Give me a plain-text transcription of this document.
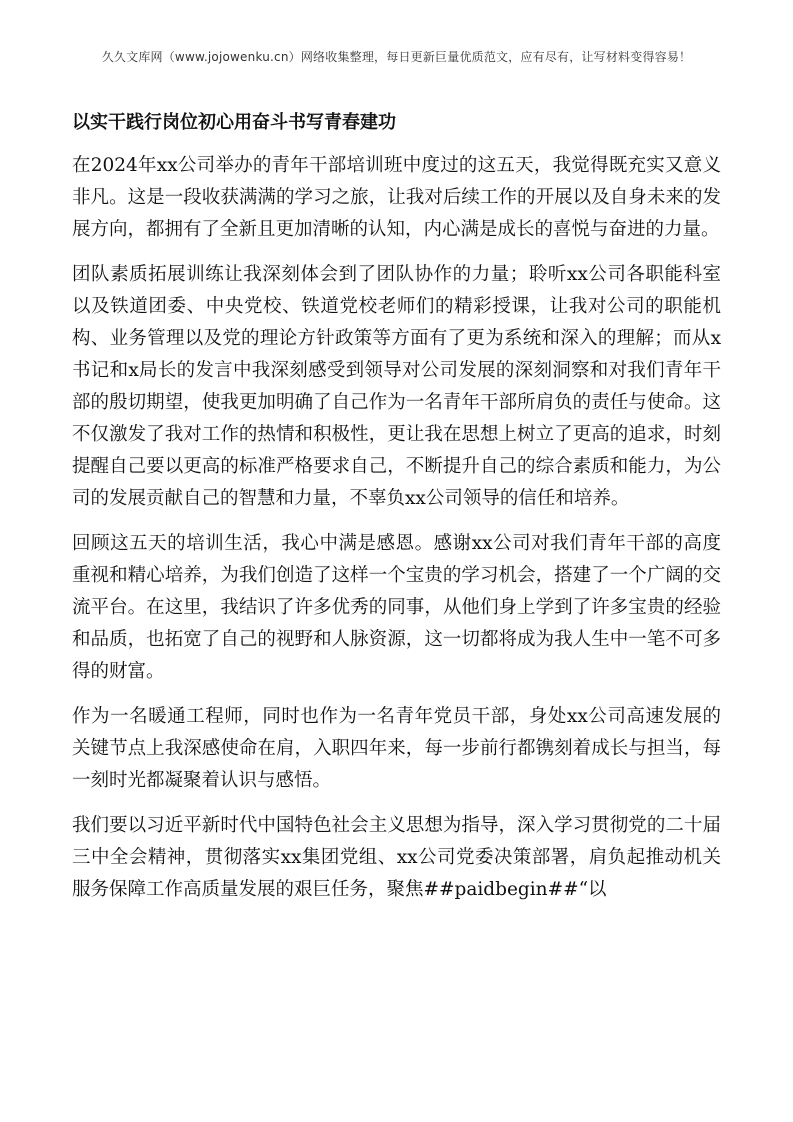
久久文库网（www.jojowenku.cn）网络收集整理，每日更新巨量优质范文，应有尽有，让写材料变得容易！
以实干践行岗位初心用奋斗书写青春建功

在2024年xx公司举办的青年干部培训班中度过的这五天，我觉得既充实又意义非凡。这是一段收获满满的学习之旅，让我对后续工作的开展以及自身未来的发展方向，都拥有了全新且更加清晰的认知，内心满是成长的喜悦与奋进的力量。

团队素质拓展训练让我深刻体会到了团队协作的力量；聆听xx公司各职能科室以及铁道团委、中央党校、铁道党校老师们的精彩授课，让我对公司的职能机构、业务管理以及党的理论方针政策等方面有了更为系统和深入的理解；而从x书记和x局长的发言中我深刻感受到领导对公司发展的深刻洞察和对我们青年干部的殷切期望，使我更加明确了自己作为一名青年干部所肩负的责任与使命。这不仅激发了我对工作的热情和积极性，更让我在思想上树立了更高的追求，时刻提醒自己要以更高的标准严格要求自己，不断提升自己的综合素质和能力，为公司的发展贡献自己的智慧和力量，不辜负xx公司领导的信任和培养。

回顾这五天的培训生活，我心中满是感恩。感谢xx公司对我们青年干部的高度重视和精心培养，为我们创造了这样一个宝贵的学习机会，搭建了一个广阔的交流平台。在这里，我结识了许多优秀的同事，从他们身上学到了许多宝贵的经验和品质，也拓宽了自己的视野和人脉资源，这一切都将成为我人生中一笔不可多得的财富。

作为一名暖通工程师，同时也作为一名青年党员干部，身处xx公司高速发展的关键节点上我深感使命在肩，入职四年来，每一步前行都镌刻着成长与担当，每一刻时光都凝聚着认识与感悟。

我们要以习近平新时代中国特色社会主义思想为指导，深入学习贯彻党的二十届三中全会精神，贯彻落实xx集团党组、xx公司党委决策部署，肩负起推动机关服务保障工作高质量发展的艰巨任务，聚焦##paidbegin##“以
